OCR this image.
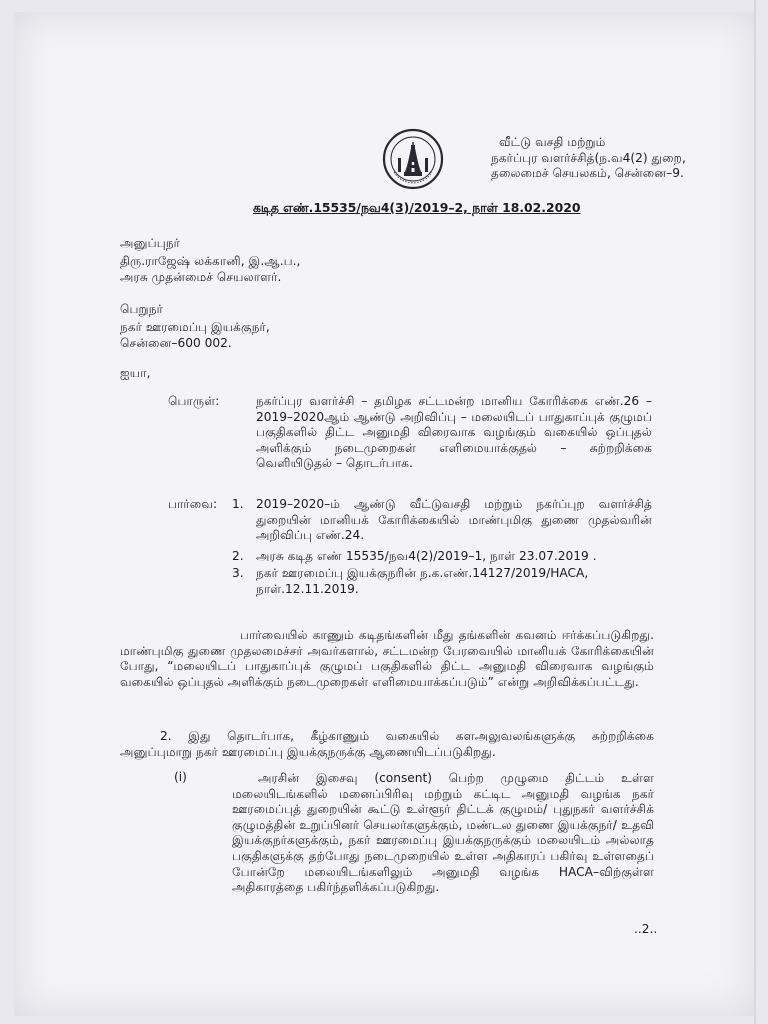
வீட்டு வசதி மற்றும்
நகர்ப்புர வளர்ச்சித்(ந.வ4(2) துறை,
தலைமைச் செயலகம், சென்னை–9.
கடித எண்.15535/நவ4(3)/2019–2, நாள் 18.02.2020
அனுப்புநர்
திரு.ராஜேஷ் லக்கானி, இ.ஆ.ப.,
அரசு முதன்மைச் செயலாளர்.
பெறுநர்
நகர் ஊரமைப்பு இயக்குநர்,
சென்னை–600 002.
ஐயா,
பொருள்:	நகர்ப்புர வளர்ச்சி – தமிழக சட்டமன்ற மானிய கோரிக்கை எண்.26 – 2019–2020ஆம் ஆண்டு அறிவிப்பு – மலையிடப் பாதுகாப்புக் குழுமப் பகுதிகளில் திட்ட அனுமதி விரைவாக வழங்கும் வகையில் ஒப்புதல் அளிக்கும் நடைமுறைகள் எளிமையாக்குதல் – சுற்றறிக்கை வெளியிடுதல் – தொடர்பாக.
பார்வை: 1. 2019–2020–ம் ஆண்டு வீட்டுவசதி மற்றும் நகர்ப்புற வளர்ச்சித் துறையின் மானியக் கோரிக்கையில் மாண்புமிகு துணை முதல்வரின் அறிவிப்பு எண்.24.
2. அரசு கடித எண் 15535/நவ4(2)/2019–1, நாள் 23.07.2019 .
3. நகர் ஊரமைப்பு இயக்குநரின் ந.க.எண்.14127/2019/HACA, நாள்.12.11.2019.
பார்வையில் காணும் கடிதங்களின் மீது தங்களின் கவனம் ஈர்க்கப்படுகிறது. மாண்புமிகு துணை முதலமைச்சர் அவர்களால், சட்டமன்ற பேரவையில் மானியக் கோரிக்கையின் போது, “மலையிடப் பாதுகாப்புக் குழுமப் பகுதிகளில் திட்ட அனுமதி விரைவாக வழங்கும் வகையில் ஒப்புதல் அளிக்கும் நடைமுறைகள் எளிமையாக்கப்படும்” என்று அறிவிக்கப்பட்டது.
2. இது தொடர்பாக, கீழ்காணும் வகையில் களஅலுவலங்களுக்கு சுற்றறிக்கை அனுப்புமாறு நகர் ஊரமைப்பு இயக்குநருக்கு ஆணையிடப்படுகிறது.
(i)	அரசின் இசைவு (consent) பெற்ற முழுமை திட்டம் உள்ள மலையிடங்களில் மனைப்பிரிவு மற்றும் கட்டிட அனுமதி வழங்க நகர் ஊரமைப்புத் துறையின் கூட்டு உள்ளூர் திட்டக் குழுமம்/ புதுநகர் வளர்ச்சிக் குழுமத்தின் உறுப்பினர் செயலர்களுக்கும், மண்டல துணை இயக்குநர்/ உதவி இயக்குநர்களுக்கும், நகர் ஊரமைப்பு இயக்குநருக்கும் மலையிடம் அல்லாத பகுதிகளுக்கு தற்போது நடைமுறையில் உள்ள அதிகாரப் பகிர்வு உள்ளதைப் போன்றே மலையிடங்களிலும் அனுமதி வழங்க HACA–விற்குள்ள அதிகாரத்தை பகிர்ந்தளிக்கப்படுகிறது.
..2..
